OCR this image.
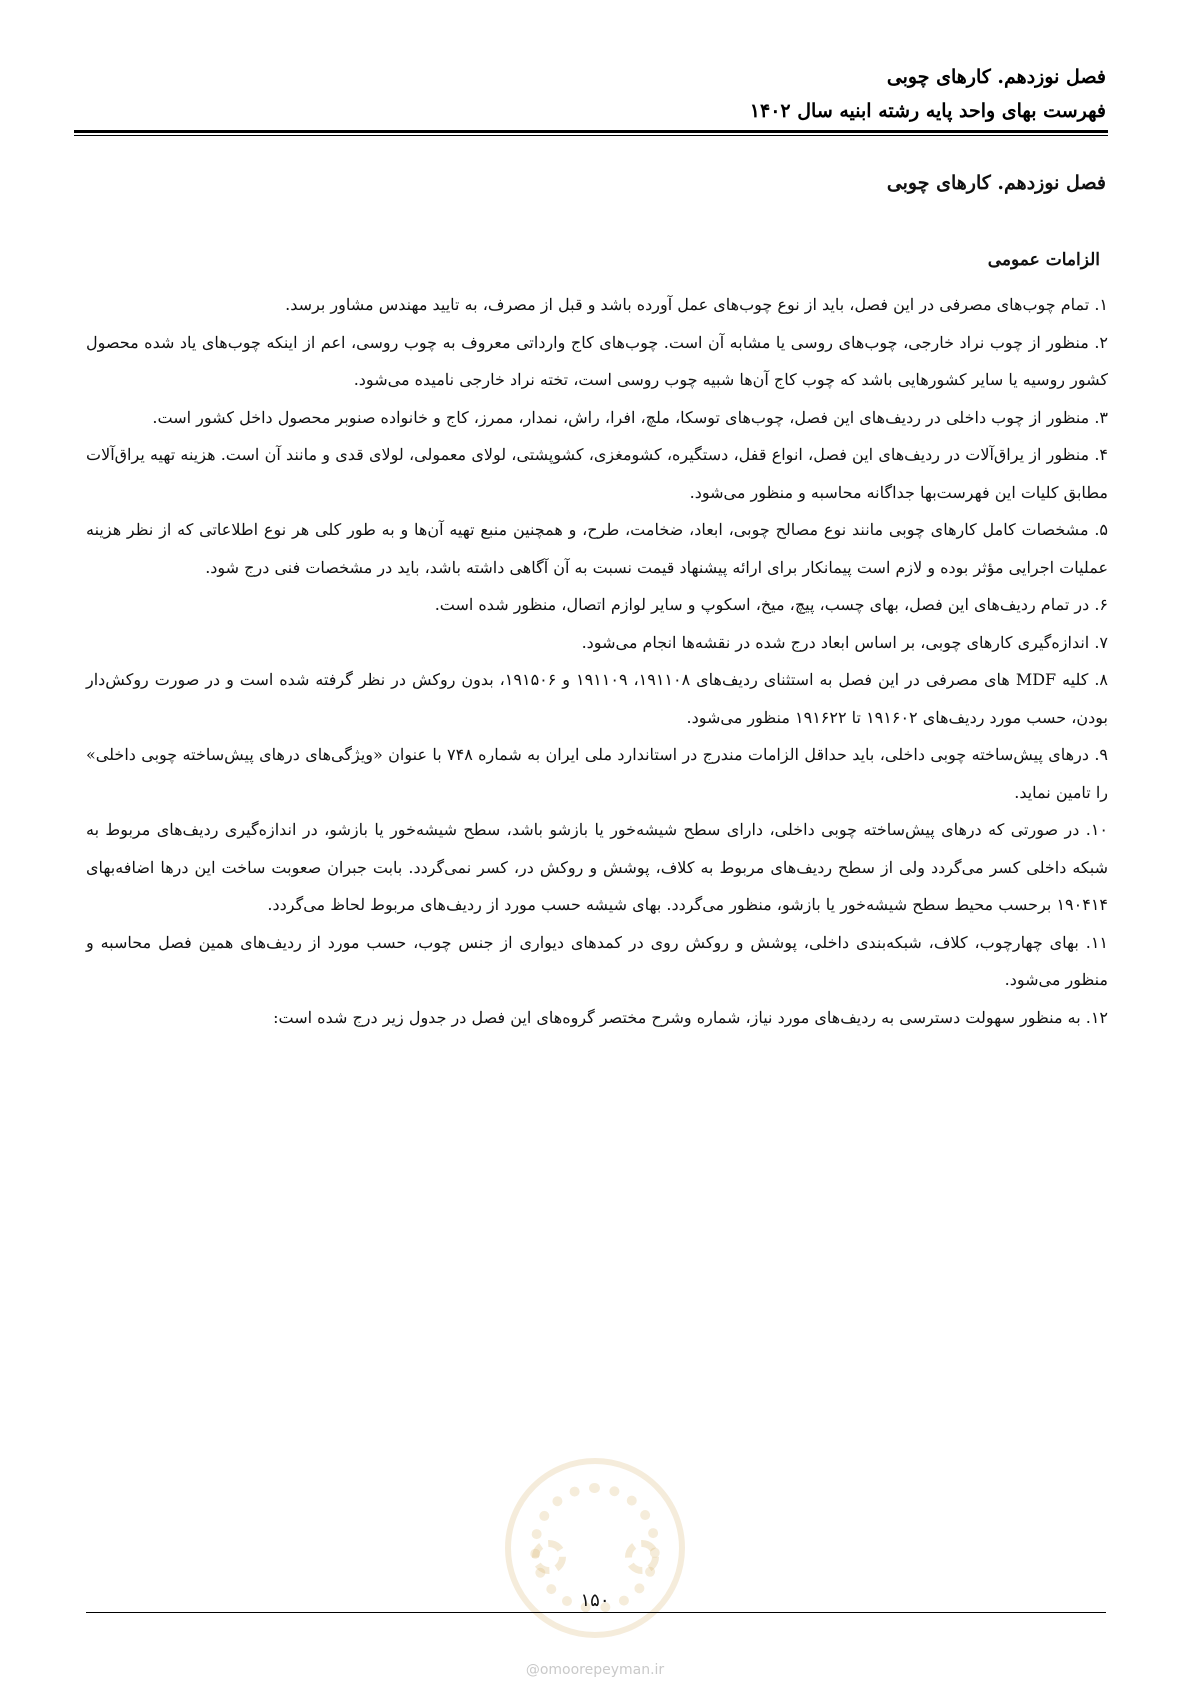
فصل نوزدهم. کارهای چوبی
فهرست بهای واحد پایه رشته ابنیه سال ۱۴۰۲
فصل نوزدهم. کارهای چوبی
الزامات عمومی

۱. تمام چوب‌های مصرفی در این فصل، باید از نوع چوب‌های عمل آورده باشد و قبل از مصرف، به تایید مهندس مشاور برسد.

۲. منظور از چوب نراد خارجی، چوب‌های روسی یا مشابه آن است. چوب‌های کاج وارداتی معروف به چوب روسی، اعم از اینکه چوب‌های یاد شده محصول کشور روسیه یا سایر کشورهایی باشد که چوب کاج آن‌ها شبیه چوب روسی است، تخته نراد خارجی نامیده می‌شود.

۳. منظور از چوب داخلی در ردیف‌های این فصل، چوب‌های توسکا، ملچ، افرا، راش، نمدار، ممرز، کاج و خانواده صنوبر محصول داخل کشور است.

۴. منظور از یراق‌آلات در ردیف‌های این فصل، انواع قفل، دستگیره، کشومغزی، کشوپشتی، لولای معمولی، لولای قدی و مانند آن است. هزینه تهیه یراق‌آلات مطابق کلیات این فهرست‌بها جداگانه محاسبه و منظور می‌شود.

۵. مشخصات کامل کارهای چوبی مانند نوع مصالح چوبی، ابعاد، ضخامت، طرح، و همچنین منبع تهیه آن‌ها و به طور کلی هر نوع اطلاعاتی که از نظر هزینه عملیات اجرایی مؤثر بوده و لازم است پیمانکار برای ارائه پیشنهاد قیمت نسبت به آن آگاهی داشته باشد، باید در مشخصات فنی درج شود.

۶. در تمام ردیف‌های این فصل، بهای چسب، پیچ، میخ، اسکوپ و سایر لوازم اتصال، منظور شده است.

۷. اندازه‌گیری کارهای چوبی، بر اساس ابعاد درج شده در نقشه‌ها انجام می‌شود.

۸. کلیه MDF های مصرفی در این فصل به استثنای ردیف‌های ۱۹۱۱۰۸، ۱۹۱۱۰۹ و ۱۹۱۵۰۶، بدون روکش در نظر گرفته شده است و در صورت روکش‌دار بودن، حسب مورد ردیف‌های ۱۹۱۶۰۲ تا ۱۹۱۶۲۲ منظور می‌شود.

۹. درهای پیش‌ساخته چوبی داخلی، باید حداقل الزامات مندرج در استاندارد ملی ایران به شماره ۷۴۸ با عنوان «ویژگی‌های درهای پیش‌ساخته چوبی داخلی» را تامین نماید.

۱۰. در صورتی که درهای پیش‌ساخته چوبی داخلی، دارای سطح شیشه‌خور یا بازشو باشد، سطح شیشه‌خور یا بازشو، در اندازه‌گیری ردیف‌های مربوط به شبکه داخلی کسر می‌گردد ولی از سطح ردیف‌های مربوط به کلاف، پوشش و روکش در، کسر نمی‌گردد. بابت جبران صعوبت ساخت این درها اضافه‌بهای ۱۹۰۴۱۴ برحسب محیط سطح شیشه‌خور یا بازشو، منظور می‌گردد. بهای شیشه حسب مورد از ردیف‌های مربوط لحاظ می‌گردد.

۱۱. بهای چهارچوب، کلاف، شبکه‌بندی داخلی، پوشش و روکش روی در کمدهای دیواری از جنس چوب، حسب مورد از ردیف‌های همین فصل محاسبه و منظور می‌شود.

۱۲. به منظور سهولت دسترسی به ردیف‌های مورد نیاز، شماره وشرح مختصر گروه‌های این فصل در جدول زیر درج شده است:

۱۵۰
@omoorepeyman.ir
